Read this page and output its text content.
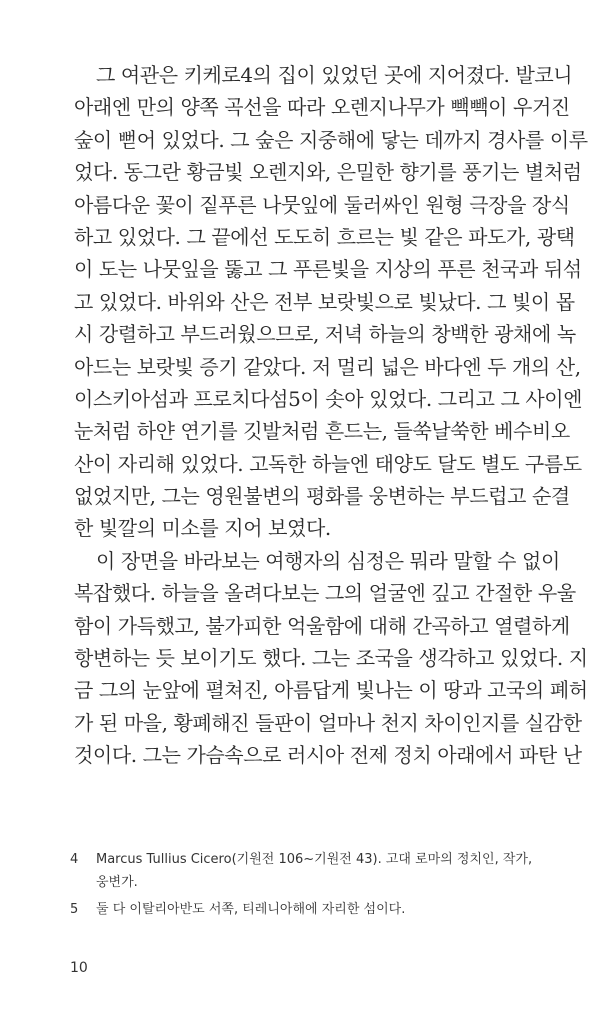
그 여관은 키케로4의 집이 있었던 곳에 지어졌다. 발코니
아래엔 만의 양쪽 곡선을 따라 오렌지나무가 빽빽이 우거진
숲이 뻗어 있었다. 그 숲은 지중해에 닿는 데까지 경사를 이루
었다. 동그란 황금빛 오렌지와, 은밀한 향기를 풍기는 별처럼
아름다운 꽃이 짙푸른 나뭇잎에 둘러싸인 원형 극장을 장식
하고 있었다. 그 끝에선 도도히 흐르는 빛 같은 파도가, 광택
이 도는 나뭇잎을 뚫고 그 푸른빛을 지상의 푸른 천국과 뒤섞
고 있었다. 바위와 산은 전부 보랏빛으로 빛났다. 그 빛이 몹
시 강렬하고 부드러웠으므로, 저녁 하늘의 창백한 광채에 녹
아드는 보랏빛 증기 같았다. 저 멀리 넓은 바다엔 두 개의 산,
이스키아섬과 프로치다섬5이 솟아 있었다. 그리고 그 사이엔
눈처럼 하얀 연기를 깃발처럼 흔드는, 들쑥날쑥한 베수비오
산이 자리해 있었다. 고독한 하늘엔 태양도 달도 별도 구름도
없었지만, 그는 영원불변의 평화를 웅변하는 부드럽고 순결
한 빛깔의 미소를 지어 보였다.
이 장면을 바라보는 여행자의 심정은 뭐라 말할 수 없이
복잡했다. 하늘을 올려다보는 그의 얼굴엔 깊고 간절한 우울
함이 가득했고, 불가피한 억울함에 대해 간곡하고 열렬하게
항변하는 듯 보이기도 했다. 그는 조국을 생각하고 있었다. 지
금 그의 눈앞에 펼쳐진, 아름답게 빛나는 이 땅과 고국의 폐허
가 된 마을, 황폐해진 들판이 얼마나 천지 차이인지를 실감한
것이다. 그는 가슴속으로 러시아 전제 정치 아래에서 파탄 난
4 Marcus Tullius Cicero(기원전 106~기원전 43). 고대 로마의 정치인, 작가, 웅변가.
5 둘 다 이탈리아반도 서쪽, 티레니아해에 자리한 섬이다.
10
